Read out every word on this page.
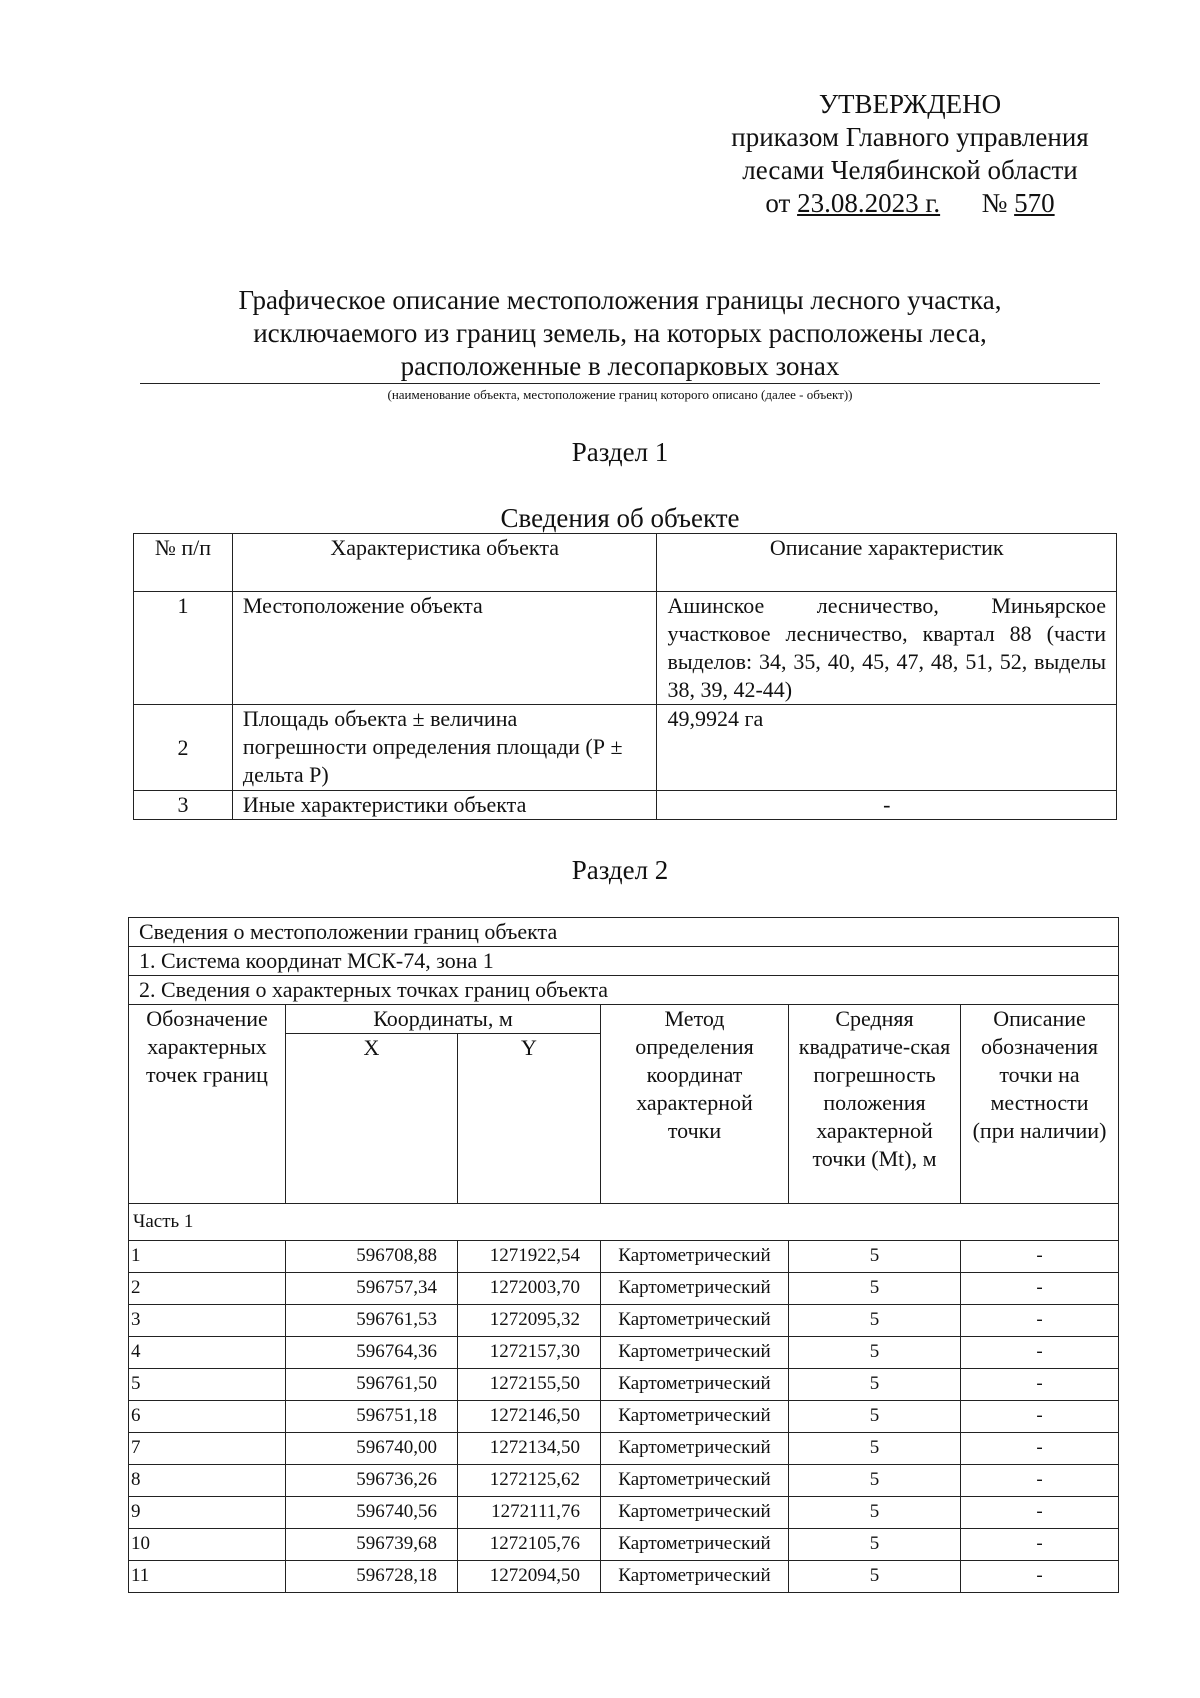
УТВЕРЖДЕНО
приказом Главного управления
лесами Челябинской области
от 23.08.2023 г. № 570
Графическое описание местоположения границы лесного участка,
исключаемого из границ земель, на которых расположены леса,
расположенные в лесопарковых зонах
(наименование объекта, местоположение границ которого описано (далее - объект))
Раздел 1
Сведения об объекте
№ п/п	Характеристика объекта	Описание характеристик
1	Местоположение объекта	Ашинское лесничество, Миньярское участковое лесничество, квартал 88 (части выделов: 34, 35, 40, 45, 47, 48, 51, 52, выделы 38, 39, 42-44)
2	Площадь объекта ± величина погрешности определения площади (Р ± дельта Р)	49,9924 га
3	Иные характеристики объекта	-
Раздел 2
Сведения о местоположении границ объекта					
1. Система координат МСК-74, зона 1					
2. Сведения о характерных точках границ объекта					
Обозначение характерных точек границ	Координаты, м		Метод определения координат характерной точки	Средняя квадратиче-ская погрешность положения характерной точки (Mt), м	Описание обозначения точки на местности (при наличии)
	X	Y			
Часть 1					
1	596708,88	1271922,54	Картометрический	5	-
2	596757,34	1272003,70	Картометрический	5	-
3	596761,53	1272095,32	Картометрический	5	-
4	596764,36	1272157,30	Картометрический	5	-
5	596761,50	1272155,50	Картометрический	5	-
6	596751,18	1272146,50	Картометрический	5	-
7	596740,00	1272134,50	Картометрический	5	-
8	596736,26	1272125,62	Картометрический	5	-
9	596740,56	1272111,76	Картометрический	5	-
10	596739,68	1272105,76	Картометрический	5	-
11	596728,18	1272094,50	Картометрический	5	-
